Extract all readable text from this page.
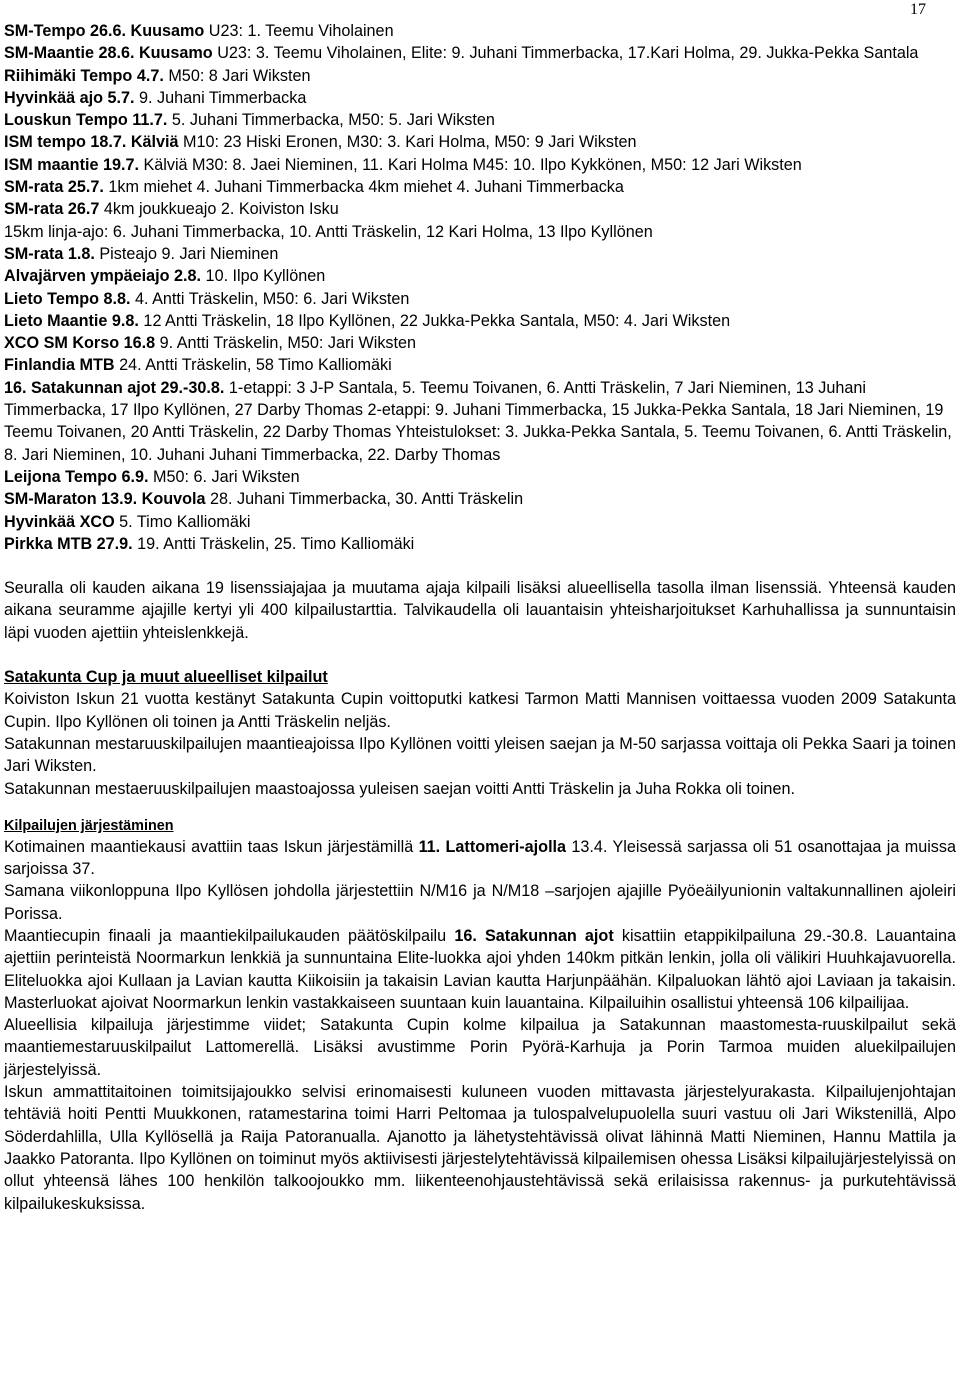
17
SM-Tempo 26.6. Kuusamo U23: 1. Teemu Viholainen
SM-Maantie 28.6. Kuusamo U23: 3. Teemu Viholainen, Elite: 9. Juhani Timmerbacka, 17.Kari Holma, 29. Jukka-Pekka Santala
Riihimäki Tempo 4.7. M50: 8 Jari Wiksten
Hyvinkää ajo 5.7. 9. Juhani Timmerbacka
Louskun Tempo 11.7. 5. Juhani Timmerbacka, M50: 5. Jari Wiksten
ISM tempo 18.7. Kälviä M10: 23 Hiski Eronen, M30: 3. Kari Holma, M50: 9 Jari Wiksten
ISM maantie 19.7. Kälviä M30: 8. Jaei Nieminen, 11. Kari Holma M45: 10. Ilpo Kykkönen, M50: 12 Jari Wiksten
SM-rata 25.7. 1km miehet 4. Juhani Timmerbacka 4km miehet 4. Juhani Timmerbacka
SM-rata 26.7 4km joukkueajo 2. Koiviston Isku
15km linja-ajo: 6. Juhani Timmerbacka, 10. Antti Träskelin, 12 Kari Holma, 13 Ilpo Kyllönen
SM-rata 1.8. Pisteajo 9. Jari Nieminen
Alvajärven ympäeiajo 2.8. 10. Ilpo Kyllönen
Lieto Tempo 8.8. 4. Antti Träskelin, M50: 6. Jari Wiksten
Lieto Maantie 9.8. 12 Antti Träskelin, 18 Ilpo Kyllönen, 22 Jukka-Pekka Santala, M50: 4. Jari Wiksten
XCO SM Korso 16.8 9. Antti Träskelin, M50: Jari Wiksten
Finlandia MTB 24. Antti Träskelin, 58 Timo Kalliomäki
16. Satakunnan ajot 29.-30.8. 1-etappi: 3 J-P Santala, 5. Teemu Toivanen, 6. Antti Träskelin, 7 Jari Nieminen, 13 Juhani Timmerbacka, 17 Ilpo Kyllönen, 27 Darby Thomas 2-etappi: 9. Juhani Timmerbacka, 15 Jukka-Pekka Santala, 18 Jari Nieminen, 19 Teemu Toivanen, 20 Antti Träskelin, 22 Darby Thomas Yhteistulokset: 3. Jukka-Pekka Santala, 5. Teemu Toivanen, 6. Antti Träskelin, 8. Jari Nieminen, 10. Juhani Juhani Timmerbacka, 22. Darby Thomas
Leijona Tempo 6.9. M50: 6. Jari Wiksten
SM-Maraton 13.9. Kouvola 28. Juhani Timmerbacka, 30. Antti Träskelin
Hyvinkää XCO 5. Timo Kalliomäki
Pirkka MTB 27.9. 19. Antti Träskelin, 25. Timo Kalliomäki
Seuralla oli kauden aikana 19 lisenssiajajaa ja muutama ajaja kilpaili lisäksi alueellisella tasolla ilman lisenssiä. Yhteensä kauden aikana seuramme ajajille kertyi yli 400 kilpailustarttia. Talvikaudella oli lauantaisin yhteisharjoitukset Karhuhallissa ja sunnuntaisin läpi vuoden ajettiin yhteislenkkejä.
Satakunta Cup ja muut alueelliset kilpailut
Koiviston Iskun 21 vuotta kestänyt Satakunta Cupin voittoputki katkesi Tarmon Matti Mannisen voittaessa vuoden 2009 Satakunta Cupin. Ilpo Kyllönen oli toinen ja Antti Träskelin neljäs.
Satakunnan mestaruuskilpailujen maantieajoissa Ilpo Kyllönen voitti yleisen saejan ja M-50 sarjassa voittaja oli Pekka Saari ja toinen Jari Wiksten.
Satakunnan mestaeruuskilpailujen maastoajossa yuleisen saejan voitti Antti Träskelin ja Juha Rokka oli toinen.
Kilpailujen järjestäminen
Kotimainen maantiekausi avattiin taas Iskun järjestämillä 11. Lattomeri-ajolla 13.4. Yleisessä sarjassa oli 51 osanottajaa ja muissa sarjoissa 37.
Samana viikonloppuna Ilpo Kyllösen johdolla järjestettiin N/M16 ja N/M18 –sarjojen ajajille Pyöeäilyunionin valtakunnallinen ajoleiri Porissa.
Maantiecupin finaali ja maantiekilpailukauden päätöskilpailu 16. Satakunnan ajot kisattiin etappikilpailuna 29.-30.8. Lauantaina ajettiin perinteistä Noormarkun lenkkiä ja sunnuntaina Elite-luokka ajoi yhden 140km pitkän lenkin, jolla oli välikiri Huuhkajavuorella. Eliteluokka ajoi Kullaan ja Lavian kautta Kiikoisiin ja takaisin Lavian kautta Harjunpäähän. Kilpaluokan lähtö ajoi Laviaan ja takaisin. Masterluokat ajoivat Noormarkun lenkin vastakkaiseen suuntaan kuin lauantaina. Kilpailuihin osallistui yhteensä 106 kilpailijaa.
Alueellisia kilpailuja järjestimme viidet; Satakunta Cupin kolme kilpailua ja Satakunnan maastomesta-ruuskilpailut sekä maantiemestaruuskilpailut Lattomerellä. Lisäksi avustimme Porin Pyörä-Karhuja ja Porin Tarmoa muiden aluekilpailujen järjestelyissä.
Iskun ammattitaitoinen toimitsijajoukko selvisi erinomaisesti kuluneen vuoden mittavasta järjestelyurakasta. Kilpailujenjohtajan tehtäviä hoiti Pentti Muukkonen, ratamestarina toimi Harri Peltomaa ja tulospalvelupuolella suuri vastuu oli Jari Wikstenillä, Alpo Söderdahlilla, Ulla Kyllösellä ja Raija Patoranualla. Ajanotto ja lähetystehtävissä olivat lähinnä Matti Nieminen, Hannu Mattila ja Jaakko Patoranta. Ilpo Kyllönen on toiminut myös aktiivisesti järjestelytehtävissä kilpailemisen ohessa Lisäksi kilpailujärjestelyissä on ollut yhteensä lähes 100 henkilön talkoojoukko mm. liikenteenohjaustehtävissä sekä erilaisissa rakennus- ja purkutehtävissä kilpailukeskuksissa.
